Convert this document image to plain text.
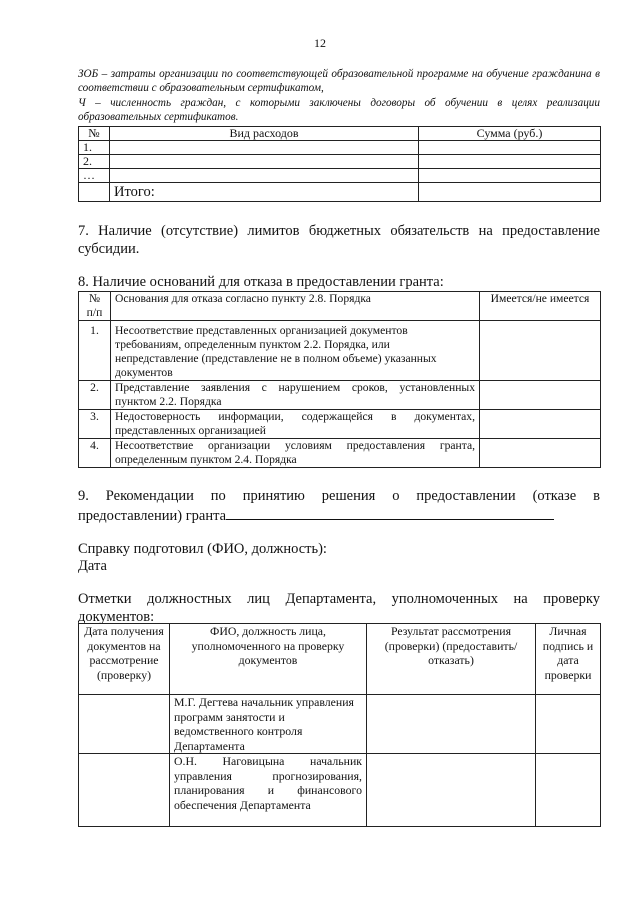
12
ЗОБ – затраты организации по соответствующей образовательной программе на обучение гражданина в соответствии с образовательным сертификатом,
Ч – численность граждан, с которыми заключены договоры об обучении в целях реализации образовательных сертификатов.
№	Вид расходов	Сумма (руб.)
1.		
2.		
…		
	Итого:	
7. Наличие (отсутствие) лимитов бюджетных обязательств на предоставление субсидии.
8. Наличие оснований для отказа в предоставлении гранта:
№ п/п	Основания для отказа согласно пункту 2.8. Порядка	Имеется/не имеется
1.	Несоответствие представленных организацией документов требованиям, определенным пунктом 2.2. Порядка, или непредставление (представление не в полном объеме) указанных документов	
2.	Представление заявления с нарушением сроков, установленных пунктом 2.2. Порядка	
3.	Недостоверность информации, содержащейся в документах, представленных организацией	
4.	Несоответствие организации условиям предоставления гранта, определенным пунктом 2.4. Порядка	
9. Рекомендации по принятию решения о предоставлении (отказе в предоставлении) гранта
Справку подготовил (ФИО, должность):
Дата
Отметки должностных лиц Департамента, уполномоченных на проверку документов:
Дата получения документов на рассмотрение (проверку)	ФИО, должность лица, уполномоченного на проверку документов	Результат рассмотрения (проверки) (предоставить/отказать)	Личная подпись и дата проверки
	М.Г. Дегтева начальник управления программ занятости и ведомственного контроля Департамента		
	О.Н. Наговицына начальник управления прогнозирования, планирования и финансового обеспечения Департамента		
